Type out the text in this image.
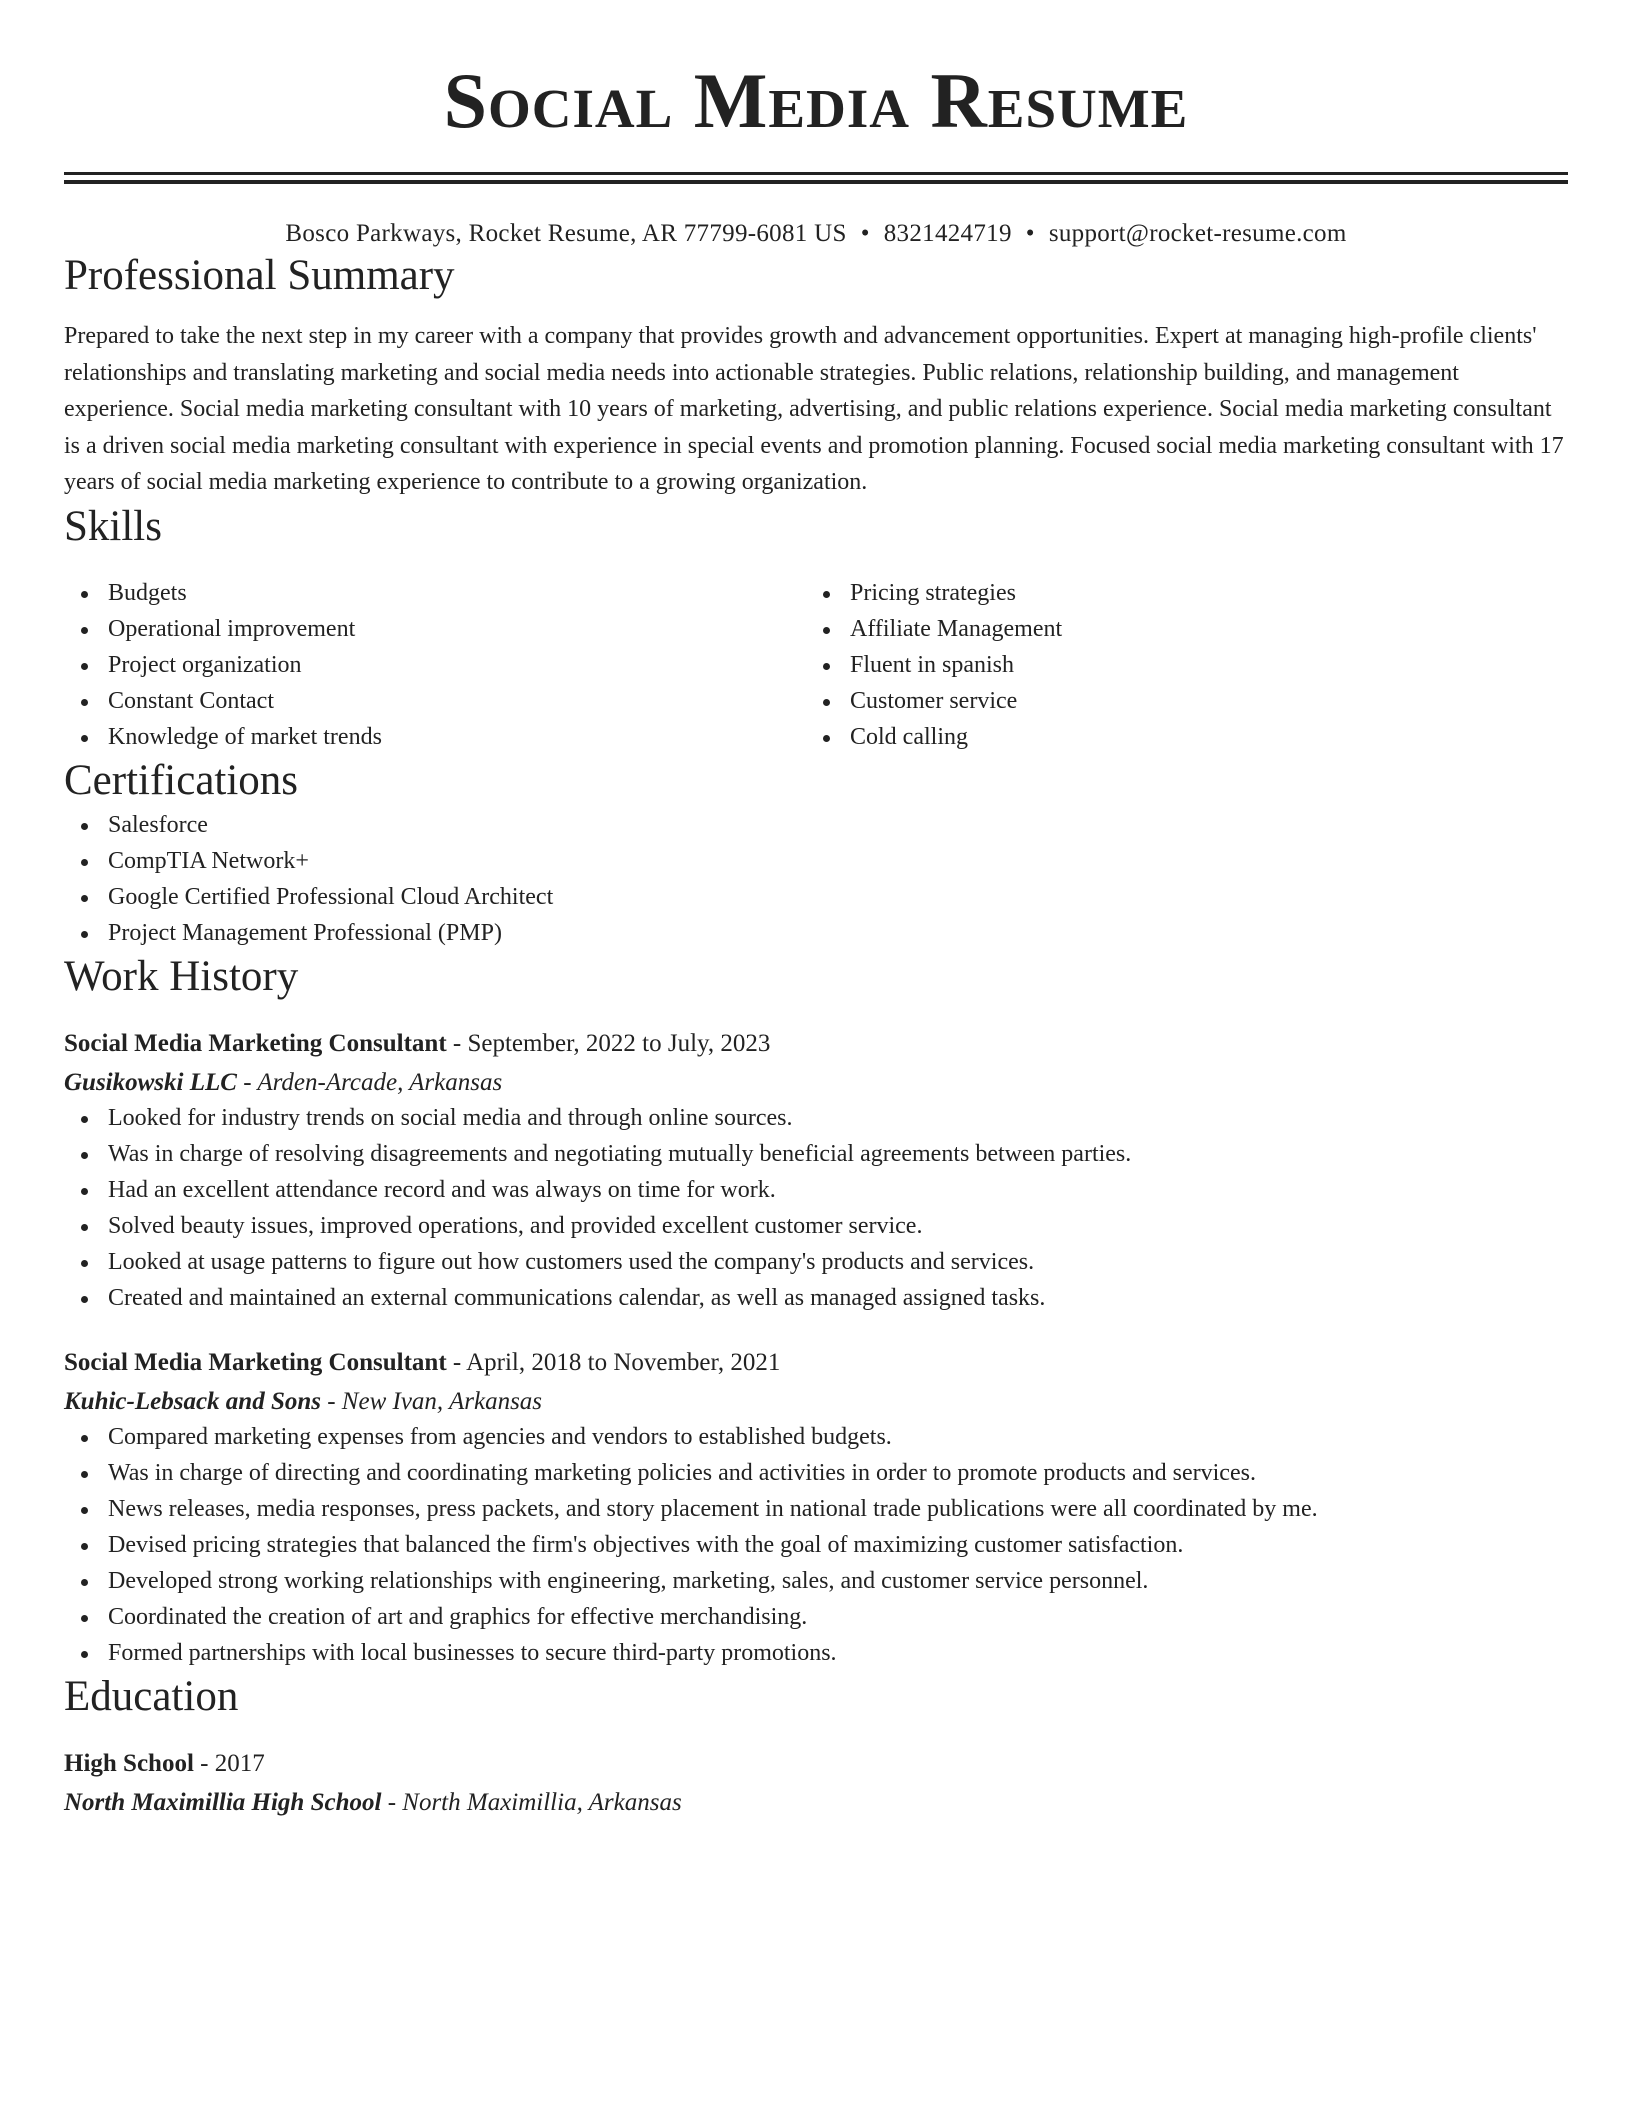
Social Media Resume
Bosco Parkways, Rocket Resume, AR 77799-6081 US • 8321424719 • support@rocket-resume.com
Professional Summary

Prepared to take the next step in my career with a company that provides growth and advancement opportunities. Expert at managing high-profile clients' relationships and translating marketing and social media needs into actionable strategies. Public relations, relationship building, and management experience. Social media marketing consultant with 10 years of marketing, advertising, and public relations experience. Social media marketing consultant is a driven social media marketing consultant with experience in special events and promotion planning. Focused social media marketing consultant with 17 years of social media marketing experience to contribute to a growing organization.

Skills
Budgets
Operational improvement
Project organization
Constant Contact
Knowledge of market trends
Pricing strategies
Affiliate Management
Fluent in spanish
Customer service
Cold calling
Certifications
Salesforce
CompTIA Network+
Google Certified Professional Cloud Architect
Project Management Professional (PMP)
Work History
Social Media Marketing Consultant - September, 2022 to July, 2023
Gusikowski LLC - Arden-Arcade, Arkansas
Looked for industry trends on social media and through online sources.
Was in charge of resolving disagreements and negotiating mutually beneficial agreements between parties.
Had an excellent attendance record and was always on time for work.
Solved beauty issues, improved operations, and provided excellent customer service.
Looked at usage patterns to figure out how customers used the company's products and services.
Created and maintained an external communications calendar, as well as managed assigned tasks.
Social Media Marketing Consultant - April, 2018 to November, 2021
Kuhic-Lebsack and Sons - New Ivan, Arkansas
Compared marketing expenses from agencies and vendors to established budgets.
Was in charge of directing and coordinating marketing policies and activities in order to promote products and services.
News releases, media responses, press packets, and story placement in national trade publications were all coordinated by me.
Devised pricing strategies that balanced the firm's objectives with the goal of maximizing customer satisfaction.
Developed strong working relationships with engineering, marketing, sales, and customer service personnel.
Coordinated the creation of art and graphics for effective merchandising.
Formed partnerships with local businesses to secure third-party promotions.
Education
High School - 2017
North Maximillia High School - North Maximillia, Arkansas
